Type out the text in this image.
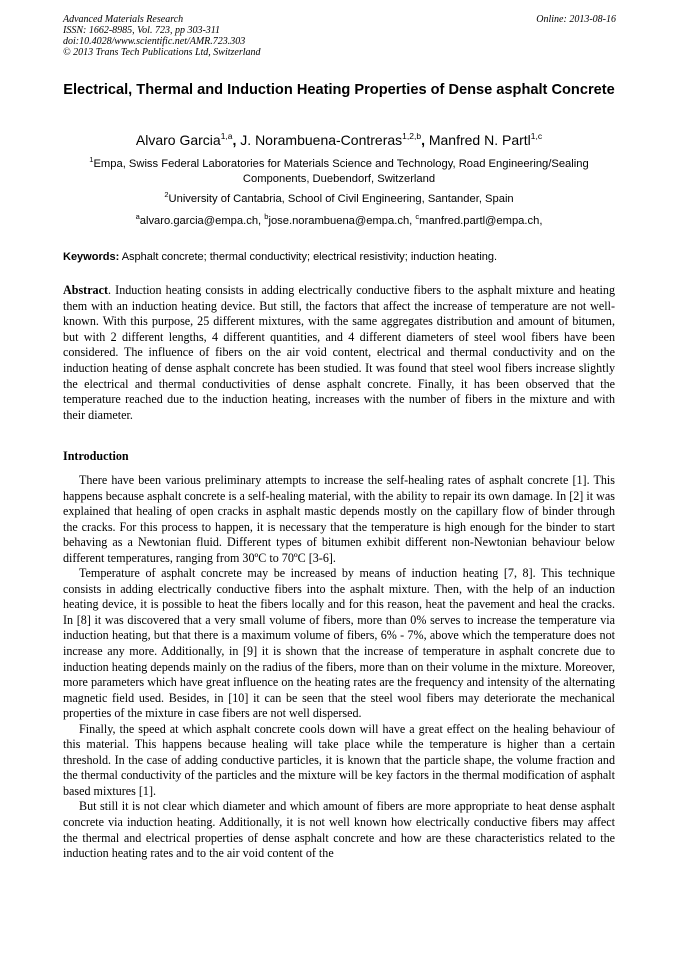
Advanced Materials Research
ISSN: 1662-8985, Vol. 723, pp 303-311
doi:10.4028/www.scientific.net/AMR.723.303
© 2013 Trans Tech Publications Ltd, Switzerland
Online: 2013-08-16
Electrical, Thermal and Induction Heating Properties of Dense asphalt Concrete
Alvaro Garcia$^{1,a}$, J. Norambuena-Contreras$^{1,2,b}$, Manfred N. Partl$^{1,c}$
$^1$Empa, Swiss Federal Laboratories for Materials Science and Technology, Road Engineering/Sealing Components, Duebendorf, Switzerland
$^2$University of Cantabria, School of Civil Engineering, Santander, Spain
$^a$alvaro.garcia@empa.ch, $^b$jose.norambuena@empa.ch, $^c$manfred.partl@empa.ch,
Keywords: Asphalt concrete; thermal conductivity; electrical resistivity; induction heating.
Abstract. Induction heating consists in adding electrically conductive fibers to the asphalt mixture and heating them with an induction heating device. But still, the factors that affect the increase of temperature are not well-known. With this purpose, 25 different mixtures, with the same aggregates distribution and amount of bitumen, but with 2 different lengths, 4 different quantities, and 4 different diameters of steel wool fibers have been considered. The influence of fibers on the air void content, electrical and thermal conductivity and on the induction heating of dense asphalt concrete has been studied. It was found that steel wool fibers increase slightly the electrical and thermal conductivities of dense asphalt concrete. Finally, it has been observed that the temperature reached due to the induction heating, increases with the number of fibers in the mixture and with their diameter.
Introduction

There have been various preliminary attempts to increase the self-healing rates of asphalt concrete [1]. This happens because asphalt concrete is a self-healing material, with the ability to repair its own damage. In [2] it was explained that healing of open cracks in asphalt mastic depends mostly on the capillary flow of binder through the cracks. For this process to happen, it is necessary that the temperature is high enough for the binder to start behaving as a Newtonian fluid. Different types of bitumen exhibit different non-Newtonian behaviour below different temperatures, ranging from 30ºC to 70ºC [3-6].

Temperature of asphalt concrete may be increased by means of induction heating [7, 8]. This technique consists in adding electrically conductive fibers into the asphalt mixture. Then, with the help of an induction heating device, it is possible to heat the fibers locally and for this reason, heat the pavement and heal the cracks. In [8] it was discovered that a very small volume of fibers, more than 0% serves to increase the temperature via induction heating, but that there is a maximum volume of fibers, 6% - 7%, above which the temperature does not increase any more. Additionally, in [9] it is shown that the increase of temperature in asphalt concrete due to induction heating depends mainly on the radius of the fibers, more than on their volume in the mixture. Moreover, more parameters which have great influence on the heating rates are the frequency and intensity of the alternating magnetic field used. Besides, in [10] it can be seen that the steel wool fibers may deteriorate the mechanical properties of the mixture in case fibers are not well dispersed.

Finally, the speed at which asphalt concrete cools down will have a great effect on the healing behaviour of this material. This happens because healing will take place while the temperature is higher than a certain threshold. In the case of adding conductive particles, it is known that the particle shape, the volume fraction and the thermal conductivity of the particles and the mixture will be key factors in the thermal modification of asphalt based mixtures [1].

But still it is not clear which diameter and which amount of fibers are more appropriate to heat dense asphalt concrete via induction heating. Additionally, it is not well known how electrically conductive fibers may affect the thermal and electrical properties of dense asphalt concrete and how are these characteristics related to the induction heating rates and to the air void content of the
